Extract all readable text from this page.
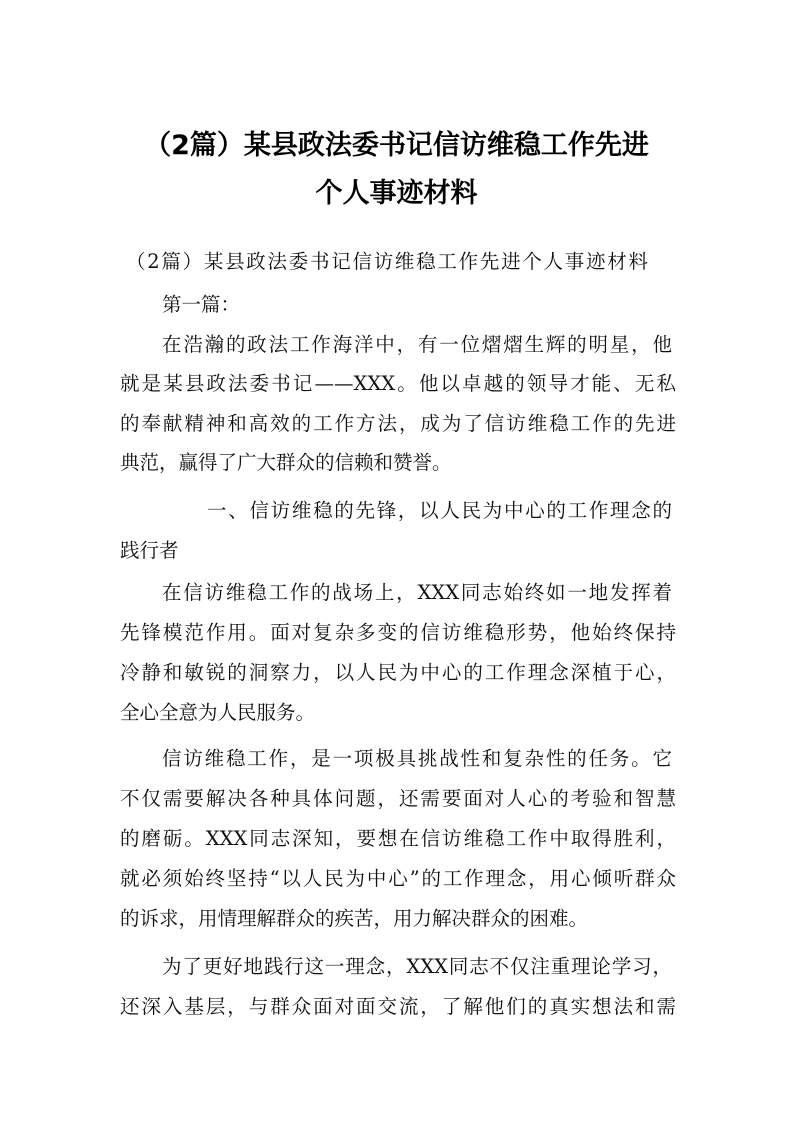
（2篇）某县政法委书记信访维稳工作先进
个人事迹材料
（2篇）某县政法委书记信访维稳工作先进个人事迹材料
第一篇：
在浩瀚的政法工作海洋中，有一位熠熠生辉的明星，他
就是某县政法委书记——XXX。他以卓越的领导才能、无私
的奉献精神和高效的工作方法，成为了信访维稳工作的先进
典范，赢得了广大群众的信赖和赞誉。
一、信访维稳的先锋，以人民为中心的工作理念的
践行者
在信访维稳工作的战场上，XXX同志始终如一地发挥着
先锋模范作用。面对复杂多变的信访维稳形势，他始终保持
冷静和敏锐的洞察力，以人民为中心的工作理念深植于心，
全心全意为人民服务。
信访维稳工作，是一项极具挑战性和复杂性的任务。它
不仅需要解决各种具体问题，还需要面对人心的考验和智慧
的磨砺。XXX同志深知，要想在信访维稳工作中取得胜利，
就必须始终坚持“以人民为中心”的工作理念，用心倾听群众
的诉求，用情理解群众的疾苦，用力解决群众的困难。
为了更好地践行这一理念，XXX同志不仅注重理论学习，
还深入基层，与群众面对面交流，了解他们的真实想法和需
